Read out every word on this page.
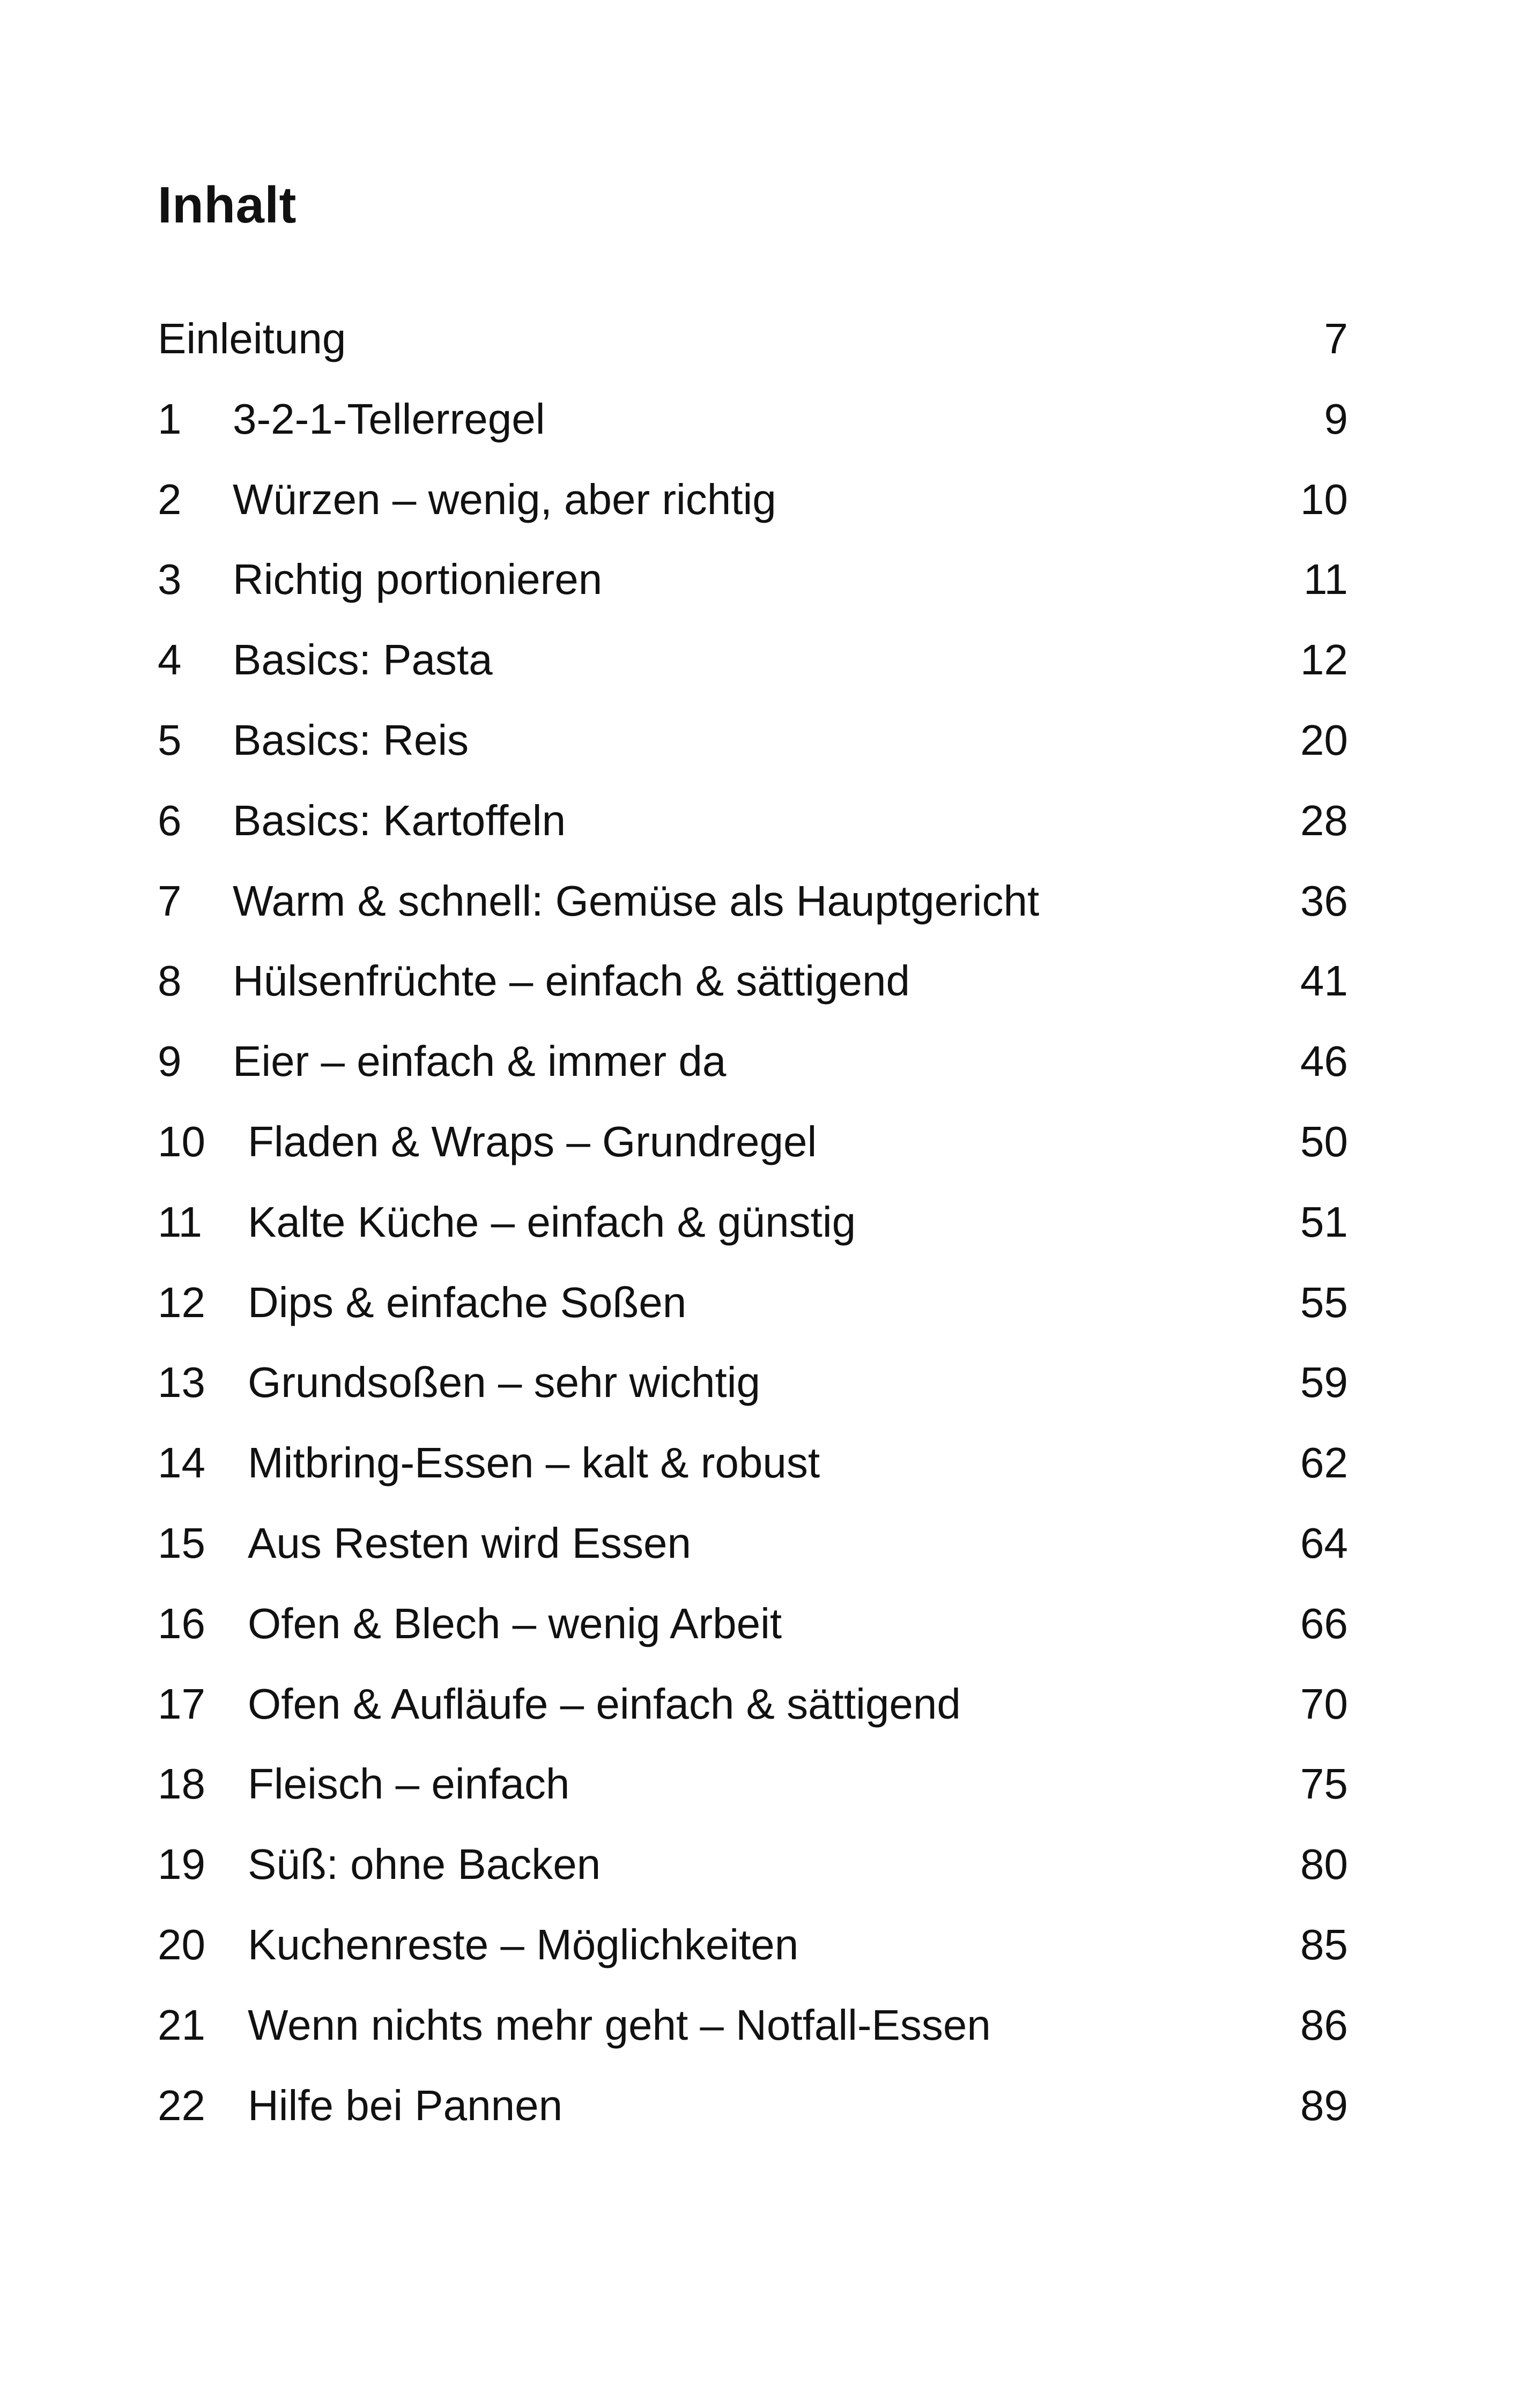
Inhalt
Einleitung	7
1 3-2-1-Tellerregel	9
2 Würzen – wenig, aber richtig	10
3 Richtig portionieren	11
4 Basics: Pasta	12
5 Basics: Reis	20
6 Basics: Kartoffeln	28
7 Warm & schnell: Gemüse als Hauptgericht	36
8 Hülsenfrüchte – einfach & sättigend	41
9 Eier – einfach & immer da	46
10 Fladen & Wraps – Grundregel	50
11 Kalte Küche – einfach & günstig	51
12 Dips & einfache Soßen	55
13 Grundsoßen – sehr wichtig	59
14 Mitbring-Essen – kalt & robust	62
15 Aus Resten wird Essen	64
16 Ofen & Blech – wenig Arbeit	66
17 Ofen & Aufläufe – einfach & sättigend	70
18 Fleisch – einfach	75
19 Süß: ohne Backen	80
20 Kuchenreste – Möglichkeiten	85
21 Wenn nichts mehr geht – Notfall-Essen	86
22 Hilfe bei Pannen	89
